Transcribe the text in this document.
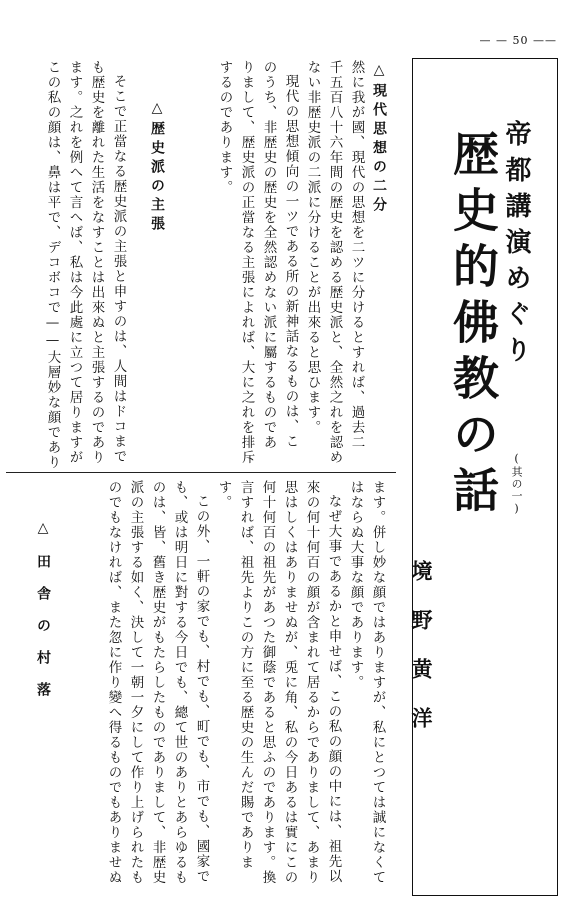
— — 50 ——
帝都講演めぐり
(其の一)
歴史的佛教の話
境野黄洋
△現代思想の二分
然に我が國、現代の思想を二ツに分けるとすれば、過去二
千五百八十六年間の歴史を認める歴史派と、全然之れを認め
ない非歴史派の二派に分けることが出來ると思ひます。
現代の思想傾向の一ツである所の新神話なるものは、こ
のうち、非歴史の歴史を全然認めない派に屬するものであ
りまして、歴史派の正當なる主張によれば、大に之れを排斥
するのであります。
△歴史派の主張
そこで正當なる歴史派の主張と申すのは、人間はドコまで
も歴史を離れた生活をなすことは出來ぬと主張するのであり
ます。之れを例へて言へば、私は今此處に立つて居りますが
この私の顔は、鼻は平で、デコボコで——大層妙な顔であり
ます。併し妙な顔ではありますが、私にとつては誠になくて
はならぬ大事な顔であります。
なぜ大事であるかと申せば、この私の顔の中には、祖先以
來の何十何百の顔が含まれて居るからでありまして、あまり
思はしくはありませぬが、兎に角、私の今日あるは實にこの
何十何百の祖先があつた御蔭であると思ふのであります。換
言すれば、祖先よりこの方に至る歴史の生んだ賜でありま
す。
この外、一軒の家でも、村でも、町でも、市でも、國家で
も、或は明日に對する今日でも、總て世のありとあらゆるも
のは、皆、舊き歴史がもたらしたものでありまして、非歴史
派の主張する如く、決して一朝一夕にして作り上げられたも
のでもなければ、また忽に作り變へ得るものでもありませぬ
△田舎の村落
